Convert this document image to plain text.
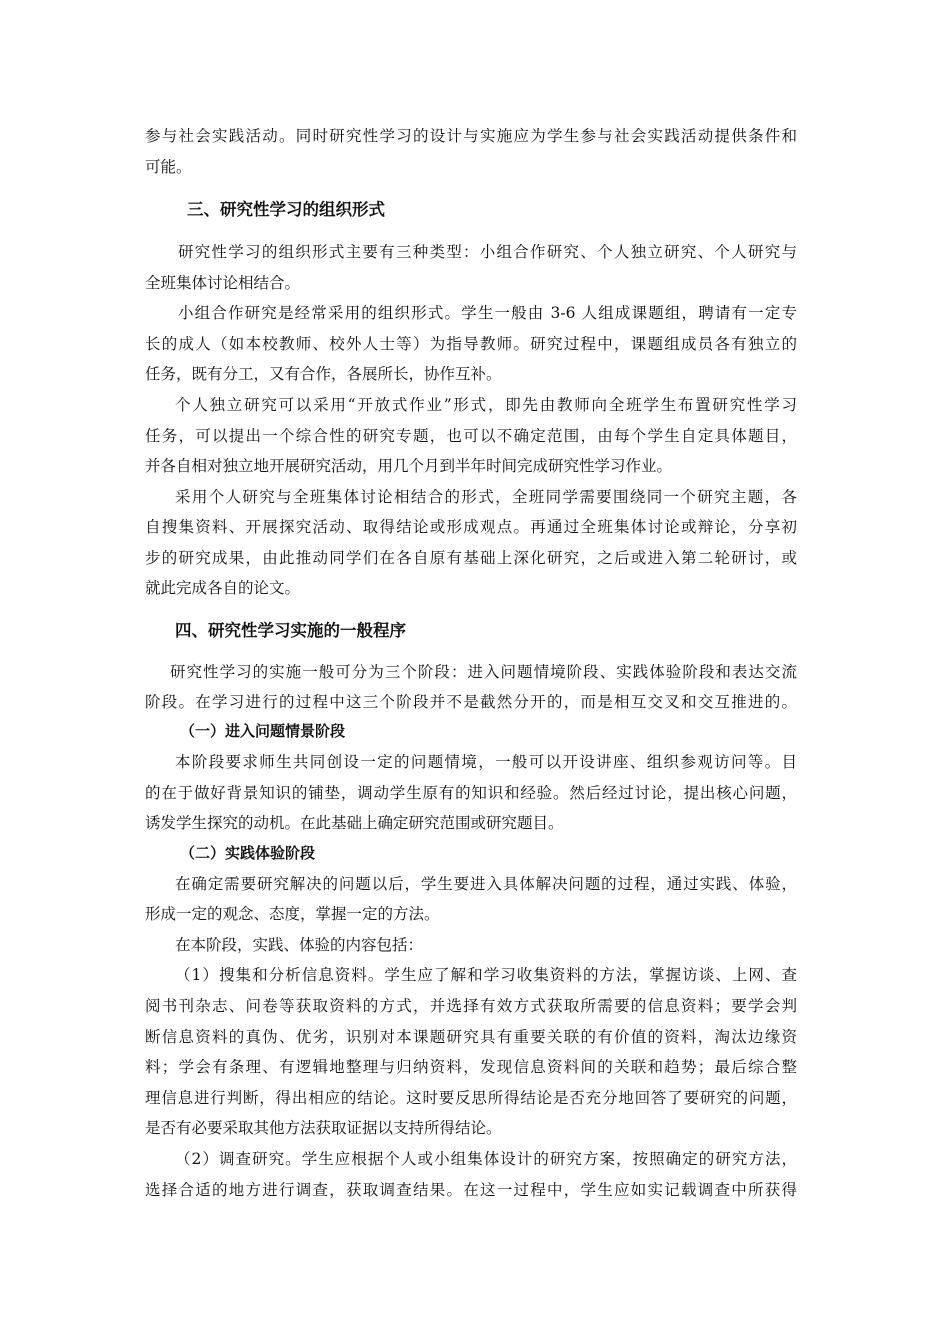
参与社会实践活动。同时研究性学习的设计与实施应为学生参与社会实践活动提供条件和
可能。
三、研究性学习的组织形式
研究性学习的组织形式主要有三种类型：小组合作研究、个人独立研究、个人研究与
全班集体讨论相结合。
小组合作研究是经常采用的组织形式。学生一般由 3-6 人组成课题组，聘请有一定专
长的成人（如本校教师、校外人士等）为指导教师。研究过程中，课题组成员各有独立的
任务，既有分工，又有合作，各展所长，协作互补。
个人独立研究可以采用“开放式作业”形式，即先由教师向全班学生布置研究性学习
任务，可以提出一个综合性的研究专题，也可以不确定范围，由每个学生自定具体题目，
并各自相对独立地开展研究活动，用几个月到半年时间完成研究性学习作业。
采用个人研究与全班集体讨论相结合的形式，全班同学需要围绕同一个研究主题，各
自搜集资料、开展探究活动、取得结论或形成观点。再通过全班集体讨论或辩论，分享初
步的研究成果，由此推动同学们在各自原有基础上深化研究，之后或进入第二轮研讨，或
就此完成各自的论文。
四、研究性学习实施的一般程序
研究性学习的实施一般可分为三个阶段：进入问题情境阶段、实践体验阶段和表达交流
阶段。在学习进行的过程中这三个阶段并不是截然分开的，而是相互交叉和交互推进的。
（一）进入问题情景阶段
本阶段要求师生共同创设一定的问题情境，一般可以开设讲座、组织参观访问等。目
的在于做好背景知识的铺垫，调动学生原有的知识和经验。然后经过讨论，提出核心问题，
诱发学生探究的动机。在此基础上确定研究范围或研究题目。
（二）实践体验阶段
在确定需要研究解决的问题以后，学生要进入具体解决问题的过程，通过实践、体验，
形成一定的观念、态度，掌握一定的方法。
在本阶段，实践、体验的内容包括：
（1）搜集和分析信息资料。学生应了解和学习收集资料的方法，掌握访谈、上网、查
阅书刊杂志、问卷等获取资料的方式，并选择有效方式获取所需要的信息资料；要学会判
断信息资料的真伪、优劣，识别对本课题研究具有重要关联的有价值的资料，淘汰边缘资
料；学会有条理、有逻辑地整理与归纳资料，发现信息资料间的关联和趋势；最后综合整
理信息进行判断，得出相应的结论。这时要反思所得结论是否充分地回答了要研究的问题，
是否有必要采取其他方法获取证据以支持所得结论。
（2）调查研究。学生应根据个人或小组集体设计的研究方案，按照确定的研究方法，
选择合适的地方进行调查，获取调查结果。在这一过程中，学生应如实记载调查中所获得
